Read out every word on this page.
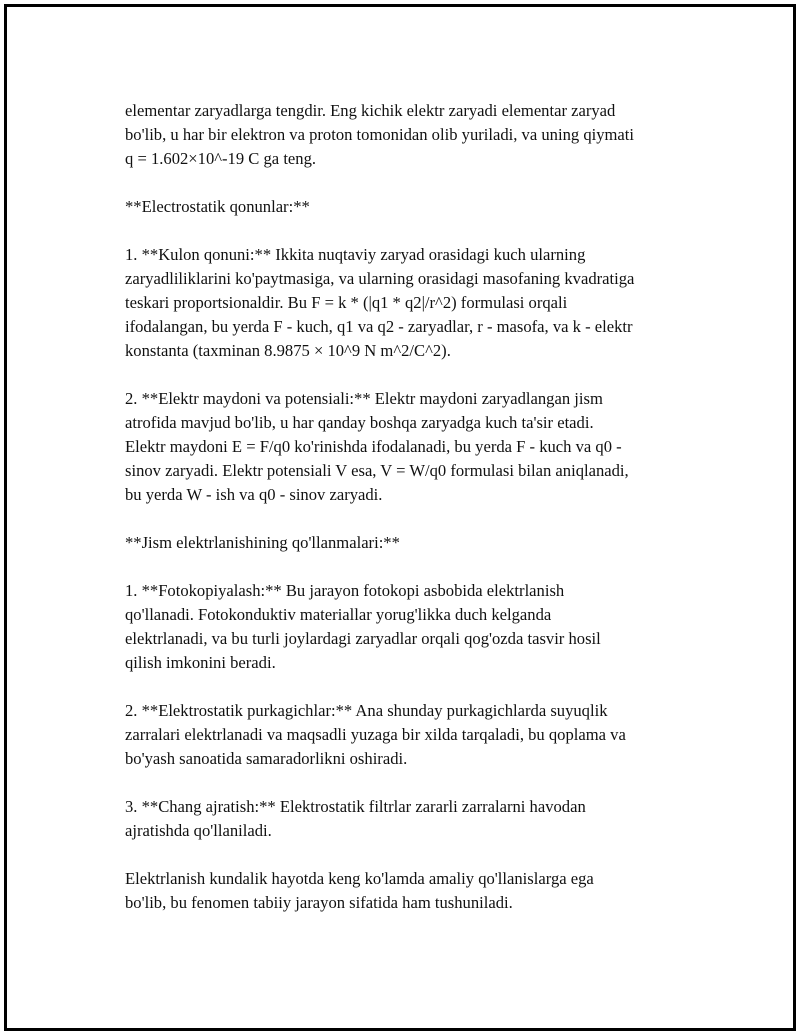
elementar zaryadlarga tengdir. Eng kichik elektr zaryadi elementar zaryad
bo'lib, u har bir elektron va proton tomonidan olib yuriladi, va uning qiymati
q = 1.602×10^-19 C ga teng.

**Electrostatik qonunlar:**

1. **Kulon qonuni:** Ikkita nuqtaviy zaryad orasidagi kuch ularning
zaryadliliklarini ko'paytmasiga, va ularning orasidagi masofaning kvadratiga
teskari proportsionaldir. Bu F = k * (|q1 * q2|/r^2) formulasi orqali
ifodalangan, bu yerda F - kuch, q1 va q2 - zaryadlar, r - masofa, va k - elektr
konstanta (taxminan 8.9875 × 10^9 N m^2/C^2).

2. **Elektr maydoni va potensiali:** Elektr maydoni zaryadlangan jism
atrofida mavjud bo'lib, u har qanday boshqa zaryadga kuch ta'sir etadi.
Elektr maydoni E = F/q0 ko'rinishda ifodalanadi, bu yerda F - kuch va q0 -
sinov zaryadi. Elektr potensiali V esa, V = W/q0 formulasi bilan aniqlanadi,
bu yerda W - ish va q0 - sinov zaryadi.

**Jism elektrlanishining qo'llanmalari:**

1. **Fotokopiyalash:** Bu jarayon fotokopi asbobida elektrlanish
qo'llanadi. Fotokonduktiv materiallar yorug'likka duch kelganda
elektrlanadi, va bu turli joylardagi zaryadlar orqali qog'ozda tasvir hosil
qilish imkonini beradi.

2. **Elektrostatik purkagichlar:** Ana shunday purkagichlarda suyuqlik
zarralari elektrlanadi va maqsadli yuzaga bir xilda tarqaladi, bu qoplama va
bo'yash sanoatida samaradorlikni oshiradi.

3. **Chang ajratish:** Elektrostatik filtrlar zararli zarralarni havodan
ajratishda qo'llaniladi.

Elektrlanish kundalik hayotda keng ko'lamda amaliy qo'llanislarga ega
bo'lib, bu fenomen tabiiy jarayon sifatida ham tushuniladi.
